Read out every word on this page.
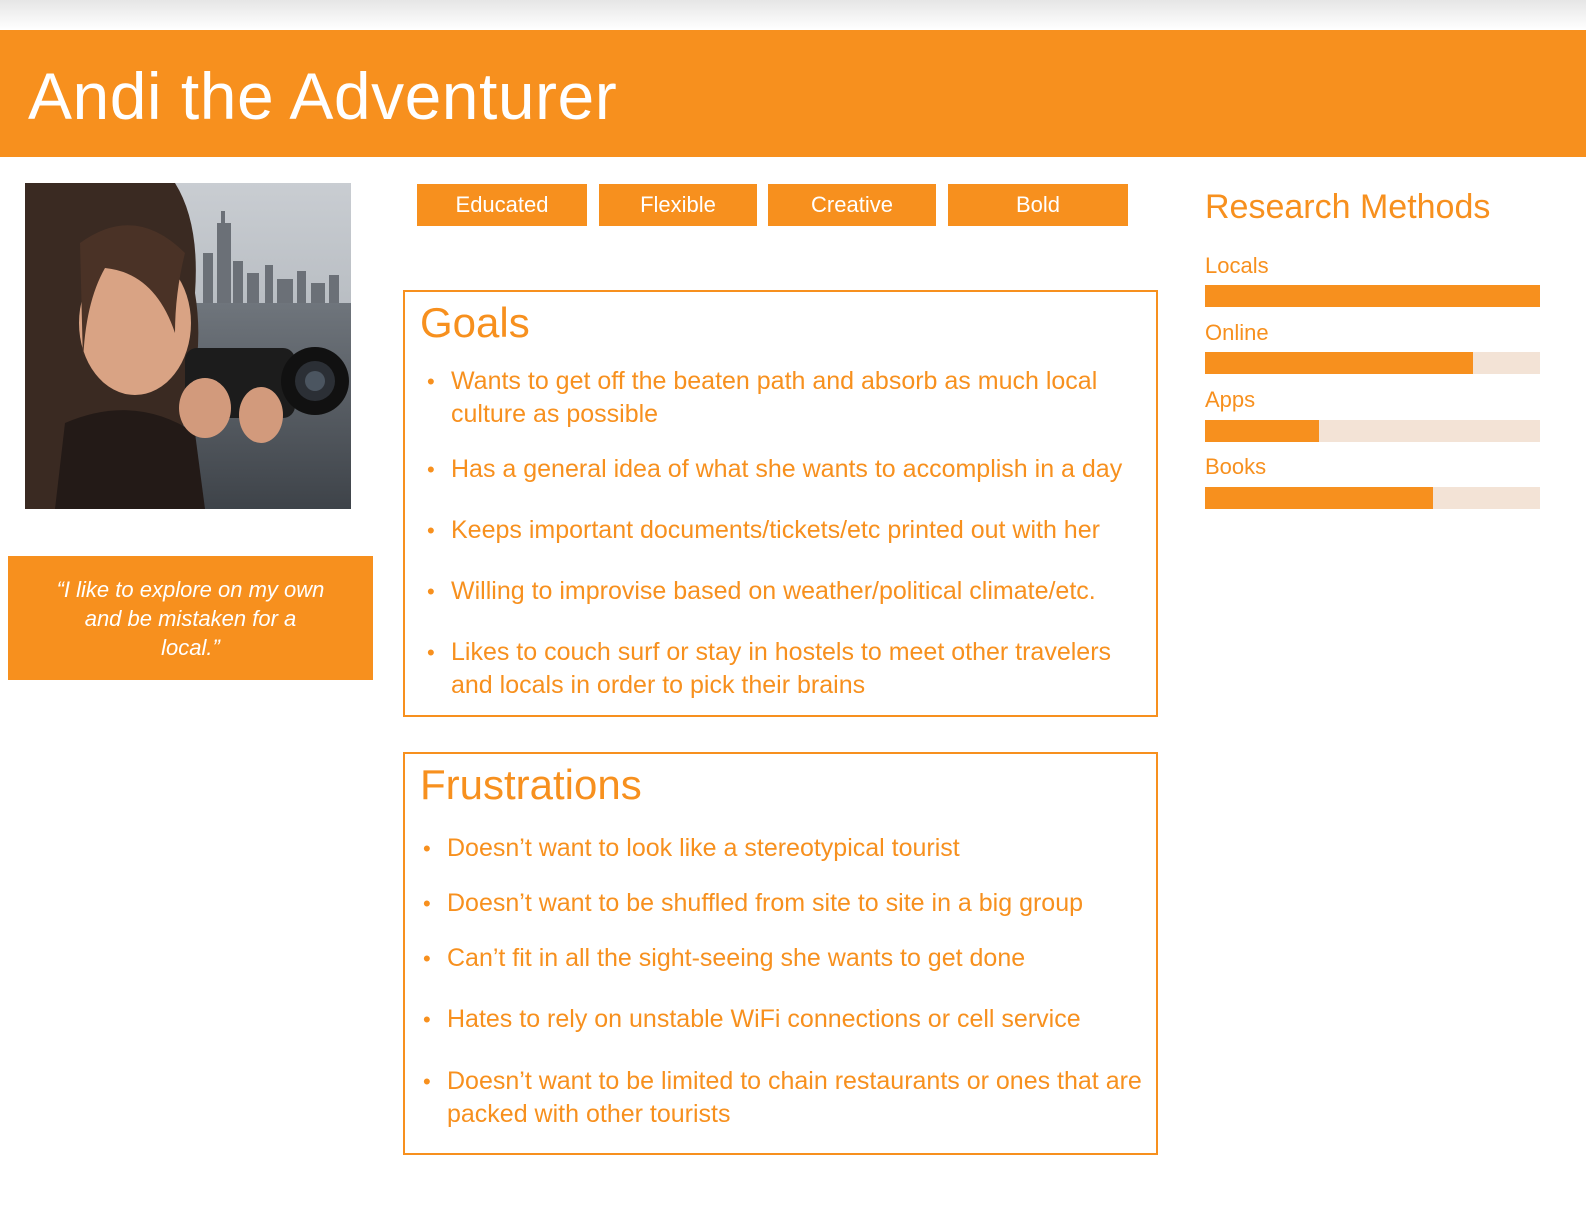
Andi the Adventurer

“I like to explore on my own and be mistaken for a local.”

Educated	Flexible	Creative	Bold
Goals
• Wants to get off the beaten path and absorb as much local culture as possible
• Has a general idea of what she wants to accomplish in a day
• Keeps important documents/tickets/etc printed out with her
• Willing to improvise based on weather/political climate/etc.
• Likes to couch surf or stay in hostels to meet other travelers and locals in order to pick their brains
Frustrations
• Doesn’t want to look like a stereotypical tourist
• Doesn’t want to be shuffled from site to site in a big group
• Can’t fit in all the sight-seeing she wants to get done
• Hates to rely on unstable WiFi connections or cell service
• Doesn’t want to be limited to chain restaurants or ones that are packed with other tourists
Research Methods
Locals
Online
Apps
Books
